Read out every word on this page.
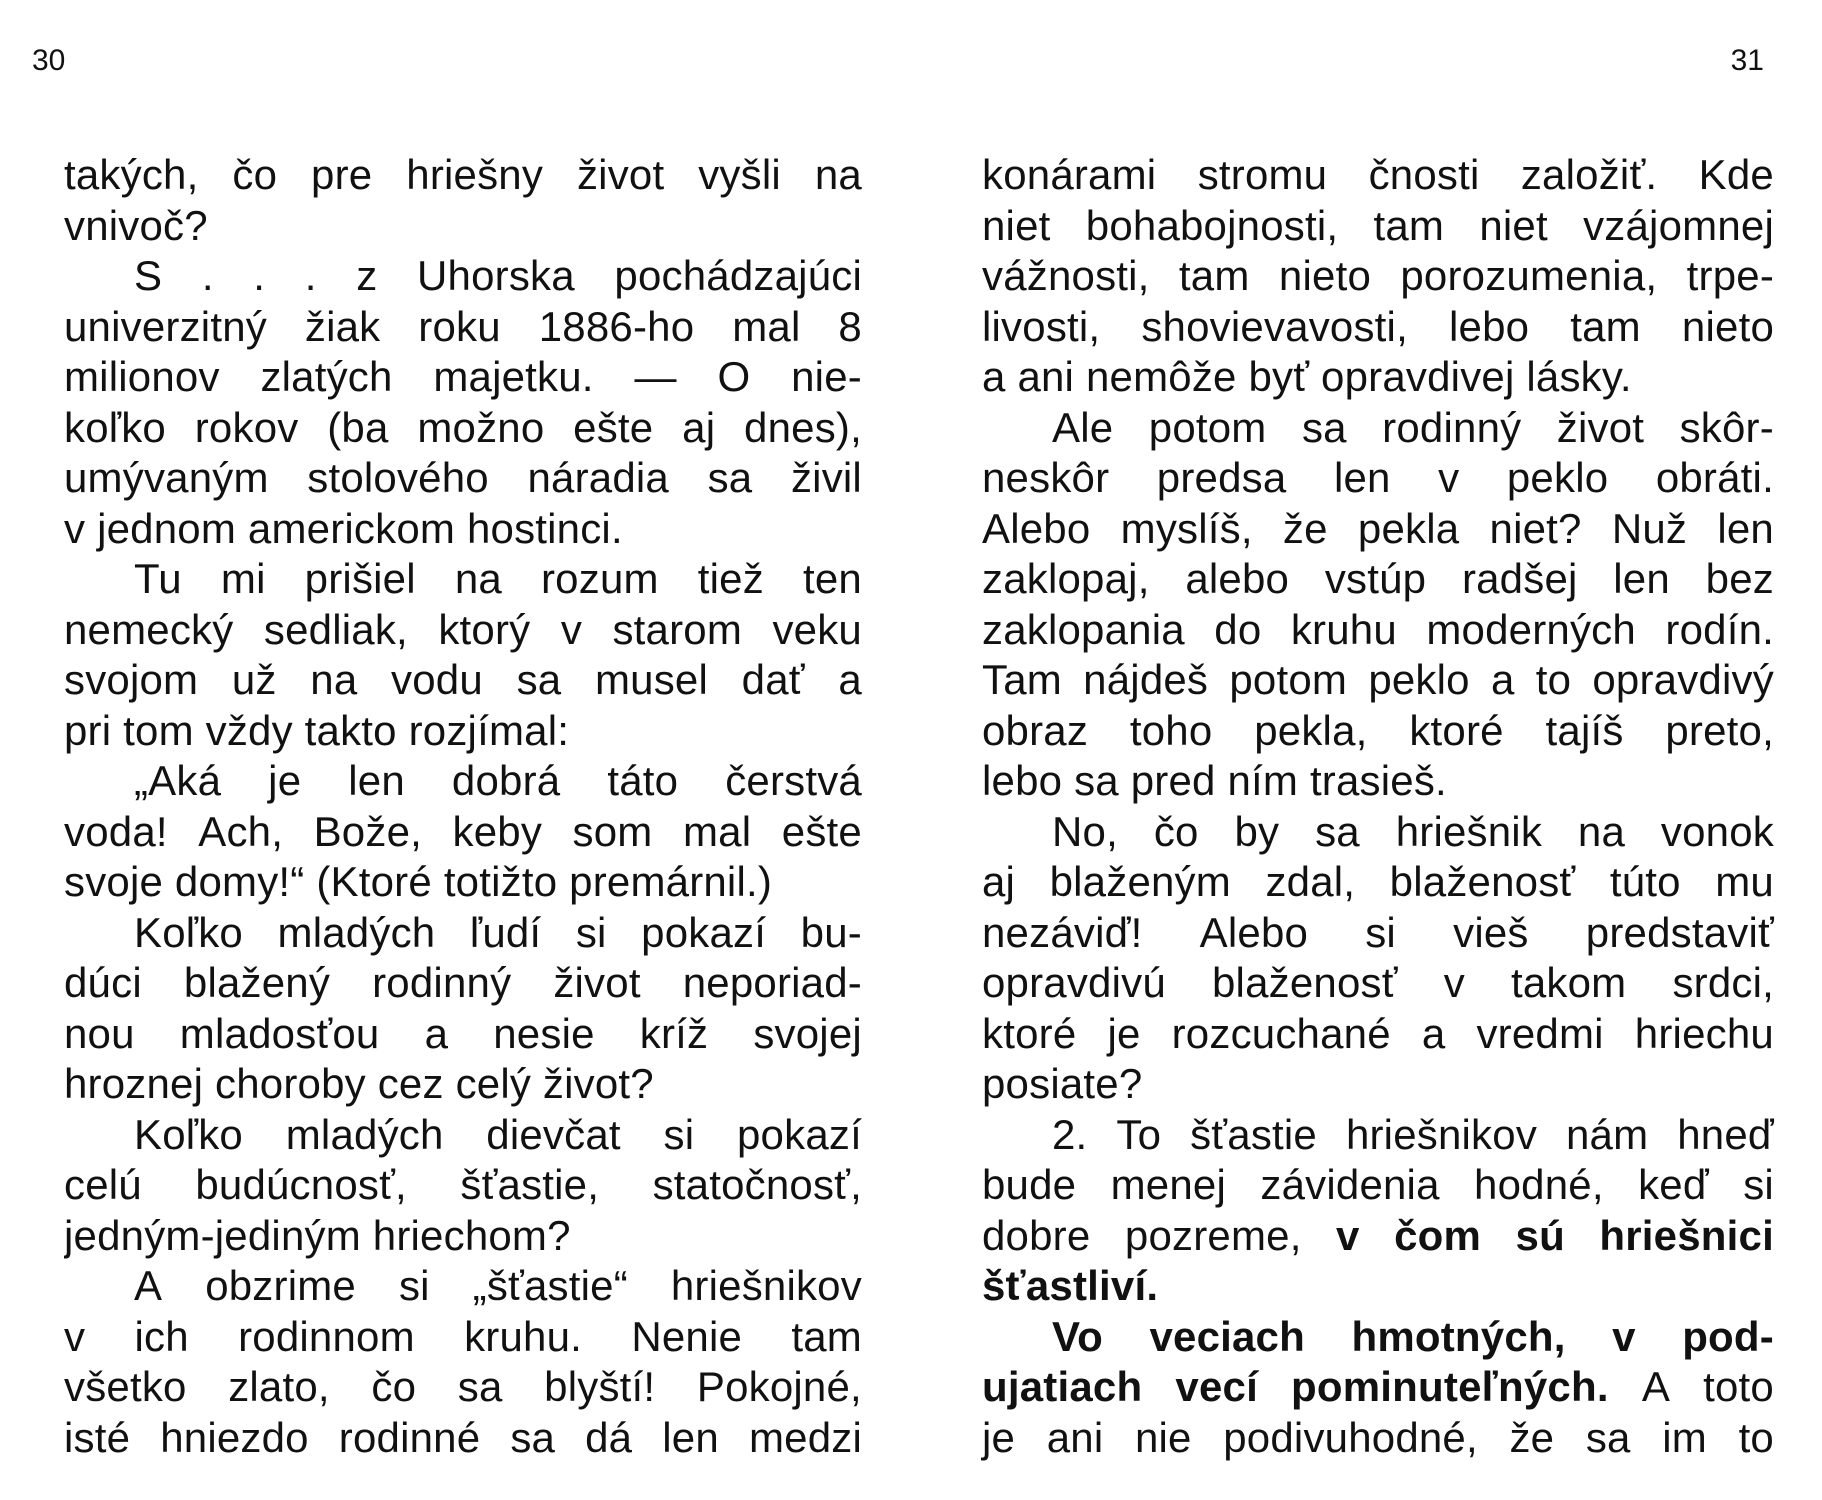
30	31
takých, čo pre hriešny život vyšli na
vnivoč?
S . . . z Uhorska pochádzajúci
univerzitný žiak roku 1886-ho mal 8
milionov zlatých majetku. — O nie-
koľko rokov (ba možno ešte aj dnes),
umývaným stolového náradia sa živil
v jednom americkom hostinci.
Tu mi prišiel na rozum tiež ten
nemecký sedliak, ktorý v starom veku
svojom už na vodu sa musel dať a
pri tom vždy takto rozjímal:
„Aká je len dobrá táto čerstvá
voda! Ach, Bože, keby som mal ešte
svoje domy!“ (Ktoré totižto premárnil.)
Koľko mladých ľudí si pokazí bu-
dúci blažený rodinný život neporiad-
nou mladosťou a nesie kríž svojej
hroznej choroby cez celý život?
Koľko mladých dievčat si pokazí
celú budúcnosť, šťastie, statočnosť,
jedným-jediným hriechom?
A obzrime si „šťastie“ hriešnikov
v ich rodinnom kruhu. Nenie tam
všetko zlato, čo sa blyští! Pokojné,
isté hniezdo rodinné sa dá len medzi
konárami stromu čnosti založiť. Kde
niet bohabojnosti, tam niet vzájomnej
vážnosti, tam nieto porozumenia, trpe-
livosti, shovievavosti, lebo tam nieto
a ani nemôže byť opravdivej lásky.
Ale potom sa rodinný život skôr-
neskôr predsa len v peklo obráti.
Alebo myslíš, že pekla niet? Nuž len
zaklopaj, alebo vstúp radšej len bez
zaklopania do kruhu moderných rodín.
Tam nájdeš potom peklo a to opravdivý
obraz toho pekla, ktoré tajíš preto,
lebo sa pred ním trasieš.
No, čo by sa hriešnik na vonok
aj blaženým zdal, blaženosť túto mu
nezáviď! Alebo si vieš predstaviť
opravdivú blaženosť v takom srdci,
ktoré je rozcuchané a vredmi hriechu
posiate?
2. To šťastie hriešnikov nám hneď
bude menej závidenia hodné, keď si
dobre pozreme, v čom sú hriešnici
šťastliví.
Vo veciach hmotných, v pod-
ujatiach vecí pominuteľných. A toto
je ani nie podivuhodné, že sa im to
